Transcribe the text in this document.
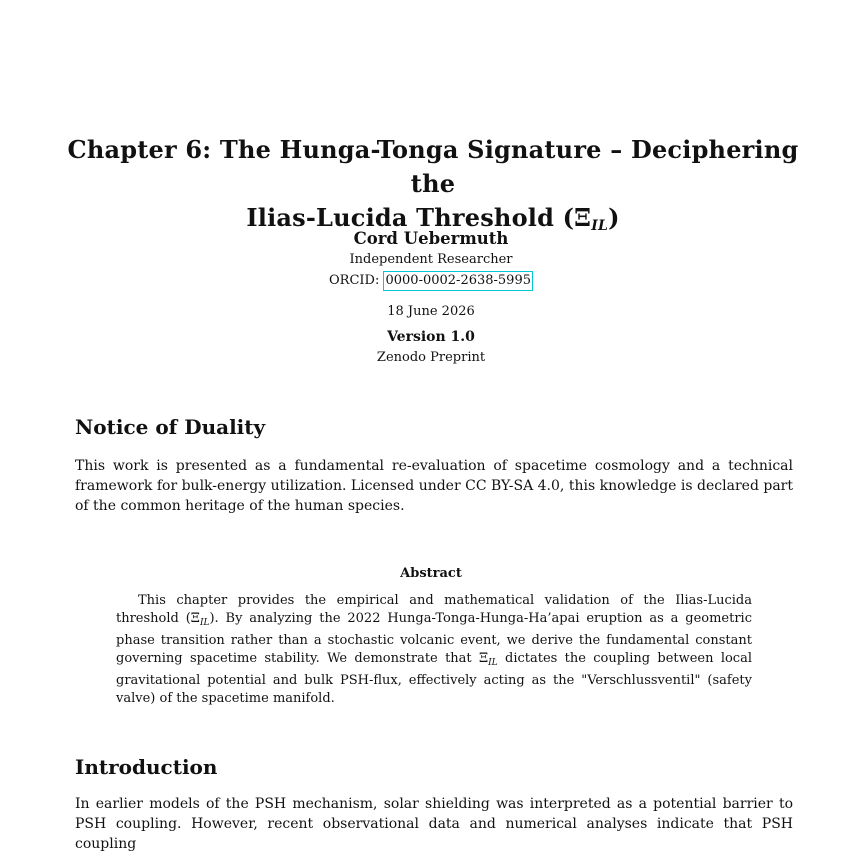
Chapter 6: The Hunga-Tonga Signature – Deciphering the
Ilias-Lucida Threshold $(\Xi_{IL})$
Cord Uebermuth
Independent Researcher
ORCID: 0000-0002-2638-5995
18 June 2026
Version 1.0
Zenodo Preprint
Notice of Duality
This work is presented as a fundamental re-evaluation of spacetime cosmology and a technical framework for bulk-energy utilization. Licensed under CC BY-SA 4.0, this knowledge is declared part of the common heritage of the human species.
Abstract
This chapter provides the empirical and mathematical validation of the Ilias-Lucida threshold $(\Xi_{IL})$. By analyzing the 2022 Hunga-Tonga-Hunga-Ha’apai eruption as a geometric phase transition rather than a stochastic volcanic event, we derive the fundamental constant governing spacetime stability. We demonstrate that $\Xi_{IL}$ dictates the coupling between local gravitational potential and bulk PSH-flux, effectively acting as the "Verschlussventil" (safety valve) of the spacetime manifold.
Introduction
In earlier models of the PSH mechanism, solar shielding was interpreted as a potential barrier to PSH coupling. However, recent observational data and numerical analyses indicate that PSH coupling
